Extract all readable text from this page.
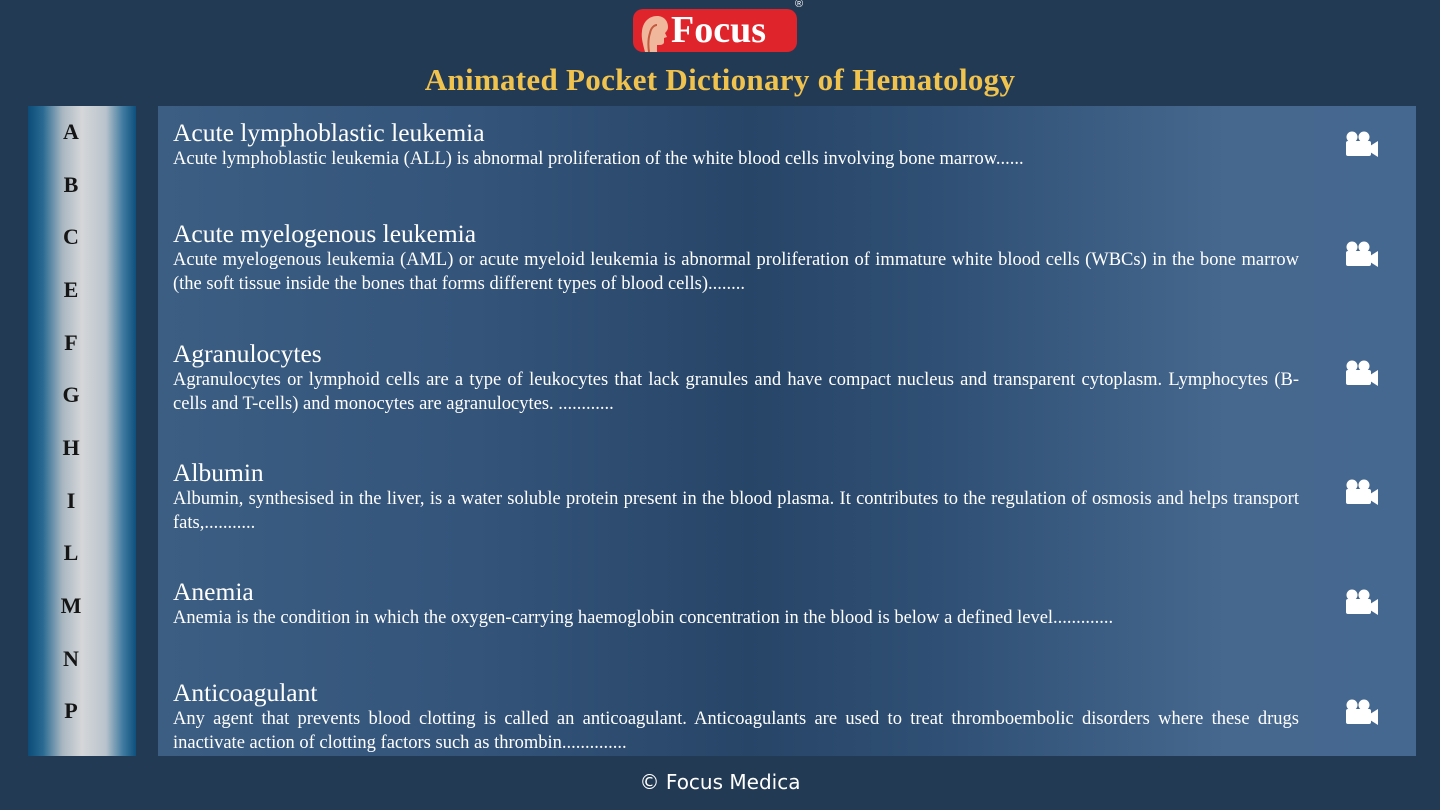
Focus
®
Animated Pocket Dictionary of Hematology
A
B
C
E
F
G
H
I
L
M
N
P

Acute lymphoblastic leukemia

Acute lymphoblastic leukemia (ALL) is abnormal proliferation of the white blood cells involving bone marrow......

Acute myelogenous leukemia

Acute myelogenous leukemia (AML) or acute myeloid leukemia is abnormal proliferation of immature white blood cells (WBCs) in the bone marrow (the soft tissue inside the bones that forms different types of blood cells)........

Agranulocytes

Agranulocytes or lymphoid cells are a type of leukocytes that lack granules and have compact nucleus and transparent cytoplasm. Lymphocytes (B-cells and T-cells) and monocytes are agranulocytes. ............

Albumin

Albumin, synthesised in the liver, is a water soluble protein present in the blood plasma. It contributes to the regulation of osmosis and helps transport fats,...........

Anemia

Anemia is the condition in which the oxygen-carrying haemoglobin concentration in the blood is below a defined level.............

Anticoagulant

Any agent that prevents blood clotting is called an anticoagulant. Anticoagulants are used to treat thromboembolic disorders where these drugs inactivate action of clotting factors such as thrombin..............

© Focus Medica
